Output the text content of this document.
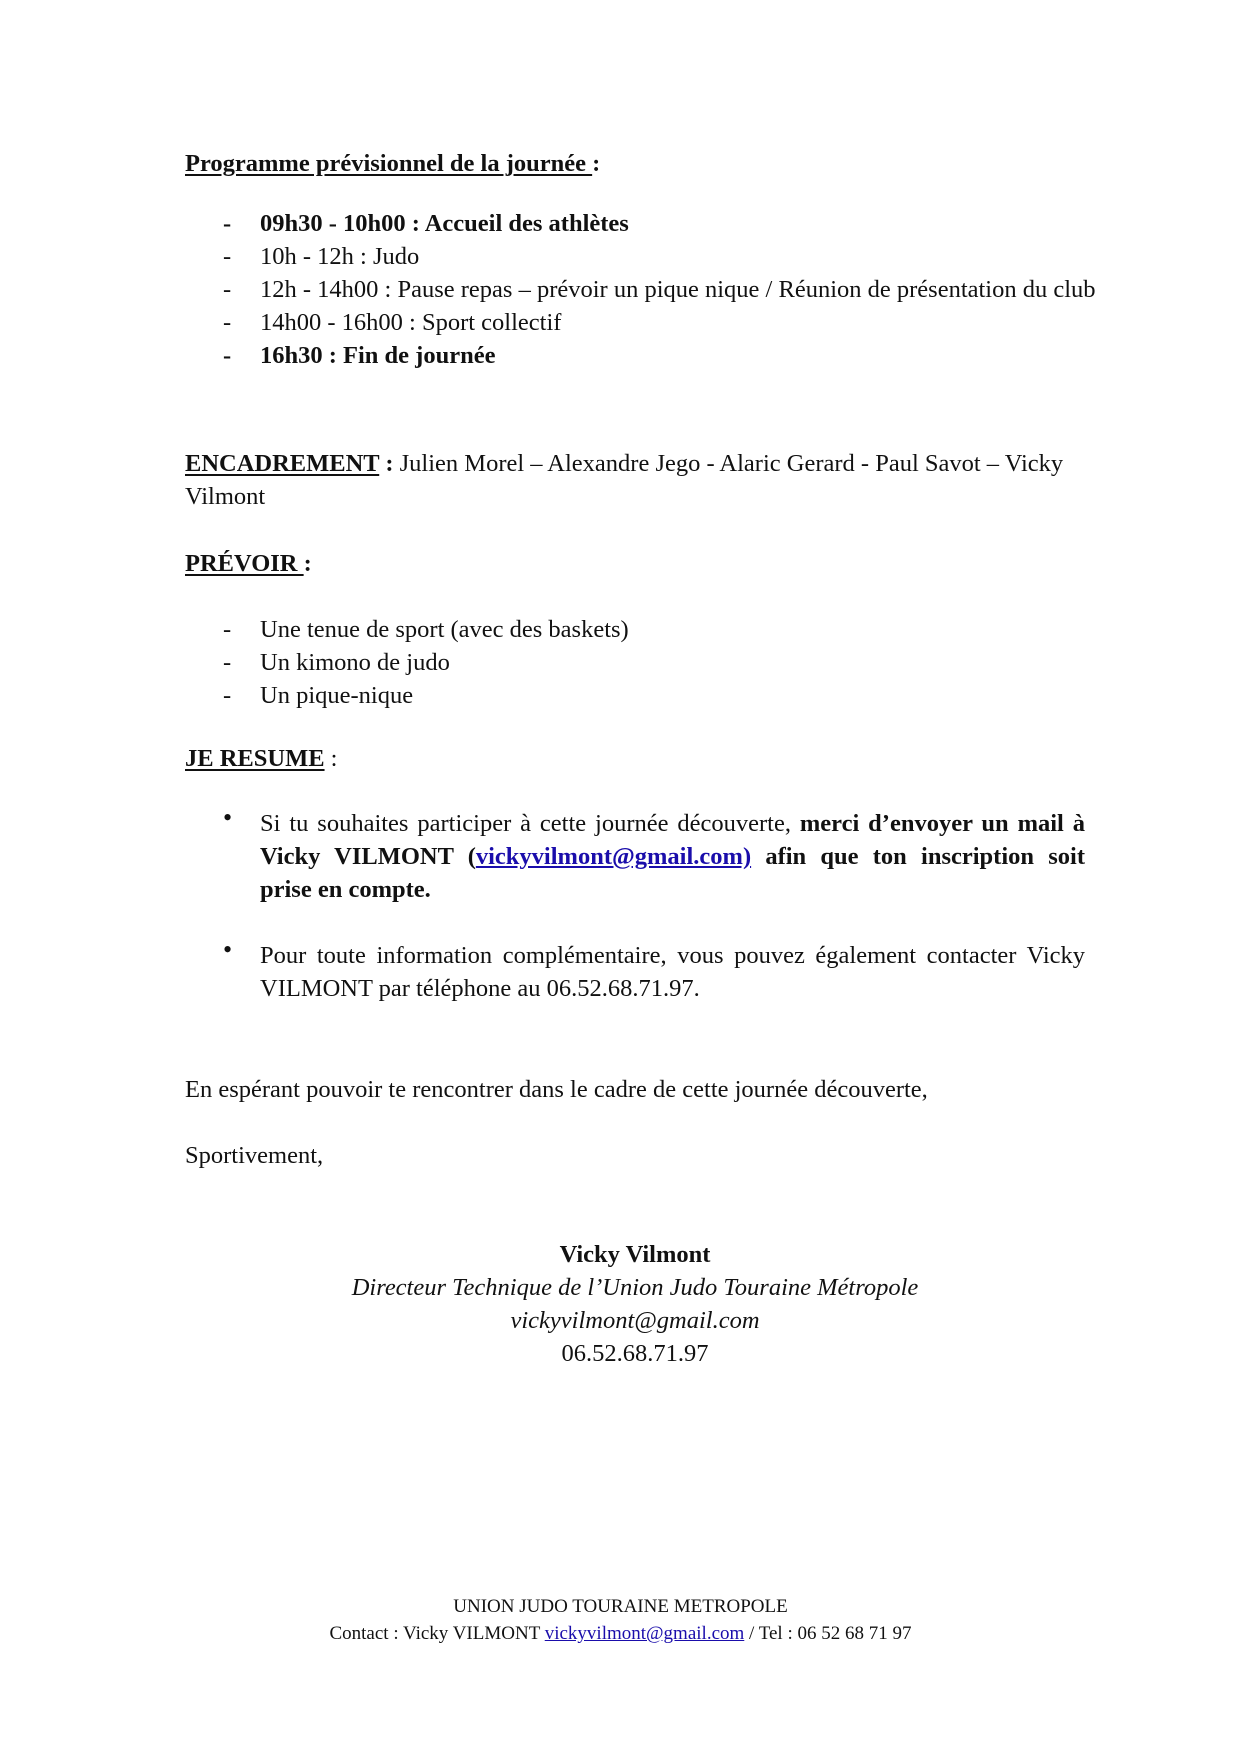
Programme prévisionnel de la journée :
- 09h30 - 10h00 : Accueil des athlètes
- 10h - 12h : Judo
- 12h - 14h00 : Pause repas – prévoir un pique nique / Réunion de présentation du club
- 14h00 - 16h00 : Sport collectif
- 16h30 : Fin de journée
ENCADREMENT : Julien Morel – Alexandre Jego - Alaric Gerard - Paul Savot – Vicky Vilmont
PRÉVOIR :
- Une tenue de sport (avec des baskets)
- Un kimono de judo
- Un pique-nique
JE RESUME :
• Si tu souhaites participer à cette journée découverte, merci d’envoyer un mail à Vicky VILMONT (vickyvilmont@gmail.com) afin que ton inscription soit prise en compte.
• Pour toute information complémentaire, vous pouvez également contacter Vicky VILMONT par téléphone au 06.52.68.71.97.
En espérant pouvoir te rencontrer dans le cadre de cette journée découverte,
Sportivement,
Vicky Vilmont
Directeur Technique de l’Union Judo Touraine Métropole
vickyvilmont@gmail.com
06.52.68.71.97
UNION JUDO TOURAINE METROPOLE
Contact : Vicky VILMONT vickyvilmont@gmail.com / Tel : 06 52 68 71 97
